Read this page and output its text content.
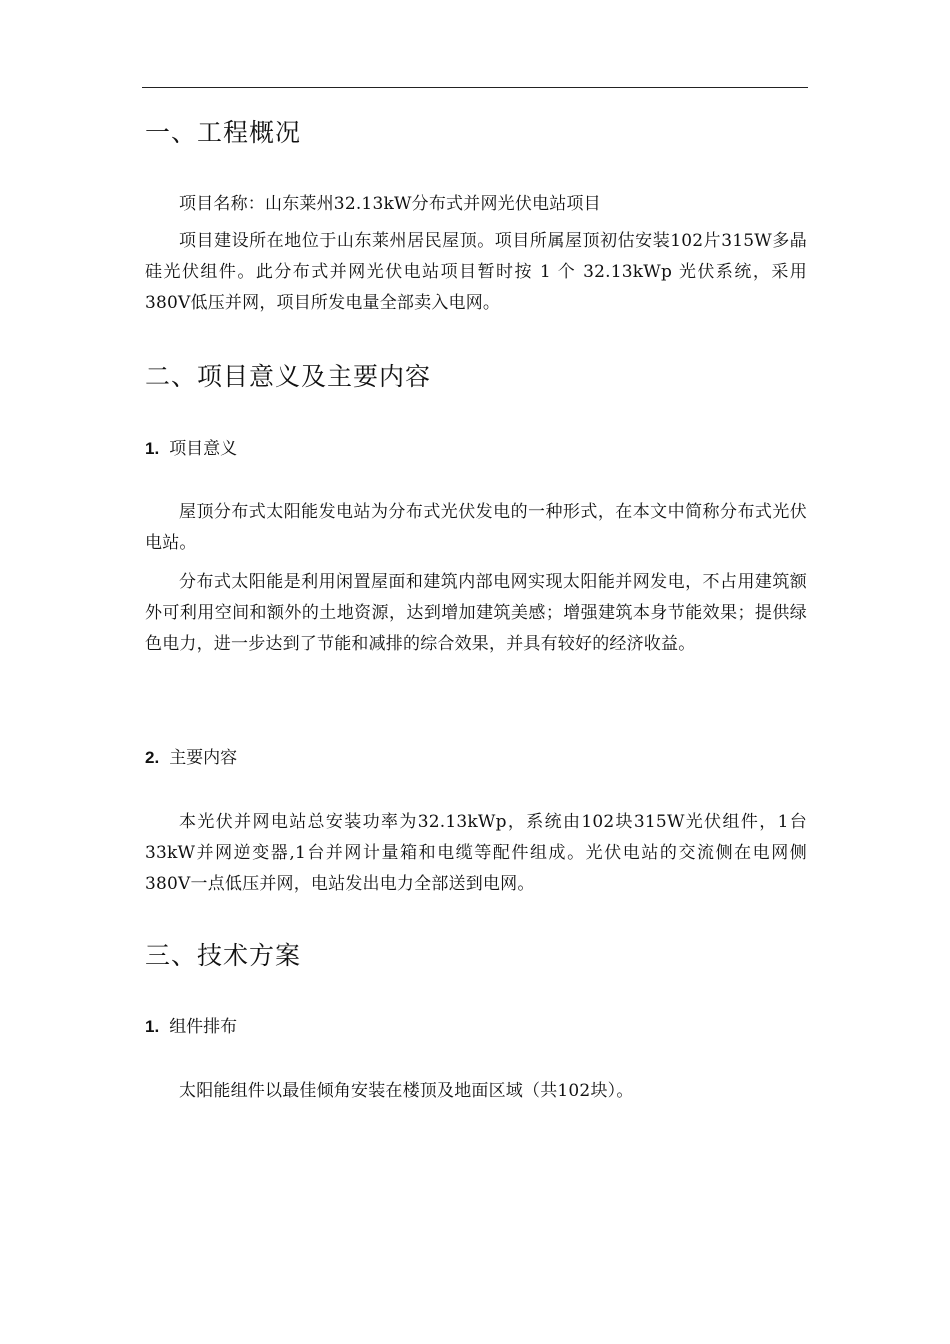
一、工程概况
项目名称：山东莱州32.13kW分布式并网光伏电站项目
项目建设所在地位于山东莱州居民屋顶。项目所属屋顶初估安装102片315W多晶硅光伏组件。此分布式并网光伏电站项目暂时按 1 个 32.13kWp 光伏系统，采用380V低压并网，项目所发电量全部卖入电网。
二、项目意义及主要内容
1. 项目意义
屋顶分布式太阳能发电站为分布式光伏发电的一种形式，在本文中简称分布式光伏电站。
分布式太阳能是利用闲置屋面和建筑内部电网实现太阳能并网发电，不占用建筑额外可利用空间和额外的土地资源，达到增加建筑美感；增强建筑本身节能效果；提供绿色电力，进一步达到了节能和减排的综合效果，并具有较好的经济收益。
2. 主要内容
本光伏并网电站总安装功率为32.13kWp，系统由102块315W光伏组件，1台33kW并网逆变器,1台并网计量箱和电缆等配件组成。光伏电站的交流侧在电网侧380V一点低压并网，电站发出电力全部送到电网。
三、技术方案
1. 组件排布
太阳能组件以最佳倾角安装在楼顶及地面区域（共102块）。
